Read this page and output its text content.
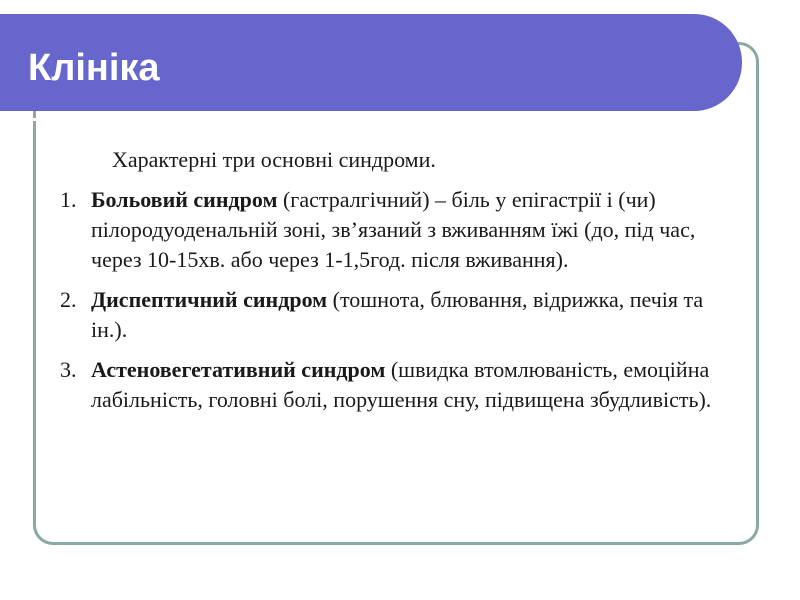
Клініка
Характерні три основні синдроми.
1. Больовий синдром (гастралгічний) – біль у епігастрії і (чи) пілородуоденальній зоні, зв’язаний з вживанням їжі (до, під час, через 10-15хв. або через 1-1,5год. після вживання).
2. Диспептичний синдром (тошнота, блювання, відрижка, печія та ін.).
3. Астеновегетативний синдром (швидка втомлюваність, емоційна лабільність, головні болі, порушення сну, підвищена збудливість).
